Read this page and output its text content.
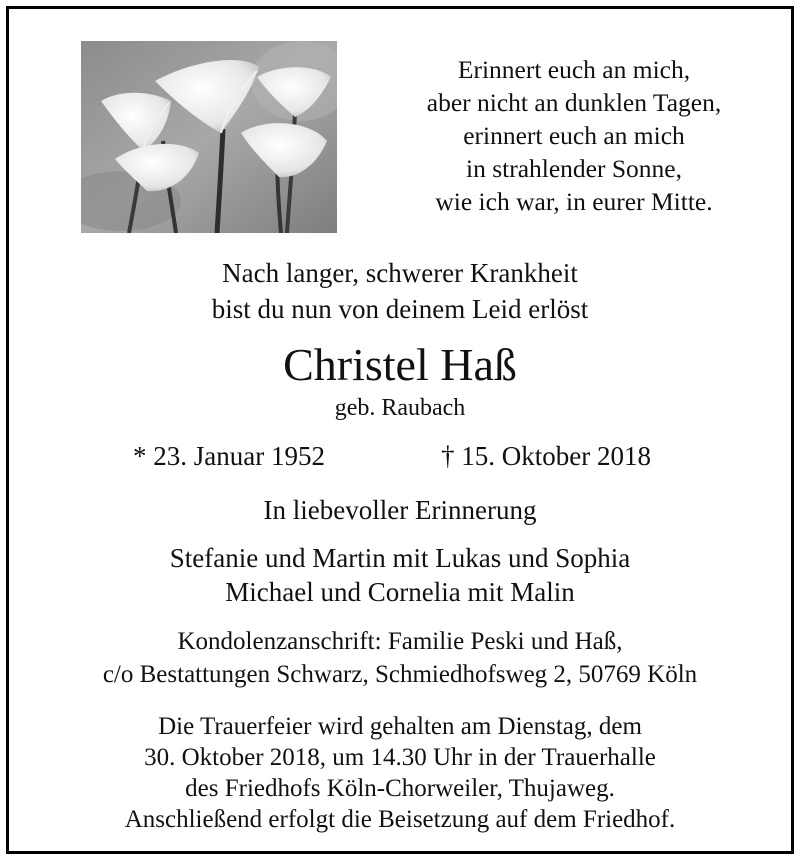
Erinnert euch an mich,
aber nicht an dunklen Tagen,
erinnert euch an mich
in strahlender Sonne,
wie ich war, in eurer Mitte.
Nach langer, schwerer Krankheit
bist du nun von deinem Leid erlöst
Christel Haß
geb. Raubach
* 23. Januar 1952	† 15. Oktober 2018
In liebevoller Erinnerung
Stefanie und Martin mit Lukas und Sophia
Michael und Cornelia mit Malin
Kondolenzanschrift: Familie Peski und Haß,
c/o Bestattungen Schwarz, Schmiedhofsweg 2, 50769 Köln
Die Trauerfeier wird gehalten am Dienstag, dem
30. Oktober 2018, um 14.30 Uhr in der Trauerhalle
des Friedhofs Köln-Chorweiler, Thujaweg.
Anschließend erfolgt die Beisetzung auf dem Friedhof.
